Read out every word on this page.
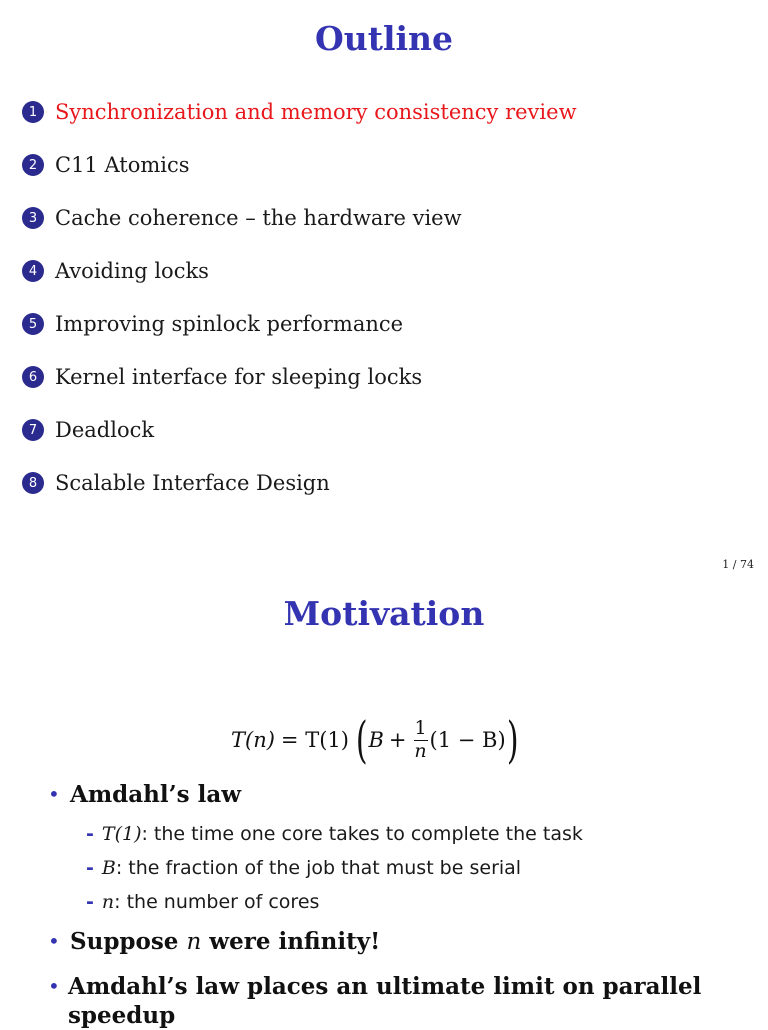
Outline
1 Synchronization and memory consistency review
2 C11 Atomics
3 Cache coherence – the hardware view
4 Avoiding locks
5 Improving spinlock performance
6 Kernel interface for sleeping locks
7 Deadlock
8 Scalable Interface Design
1 / 74
Motivation
T(n) = T(1) ( $B + \frac{1}{n} (1 - B)$ )
• Amdahl’s law
- T(1): the time one core takes to complete the task
- B: the fraction of the job that must be serial
- n: the number of cores
• Suppose n were infinity!
• Amdahl’s law places an ultimate limit on parallel speedup
